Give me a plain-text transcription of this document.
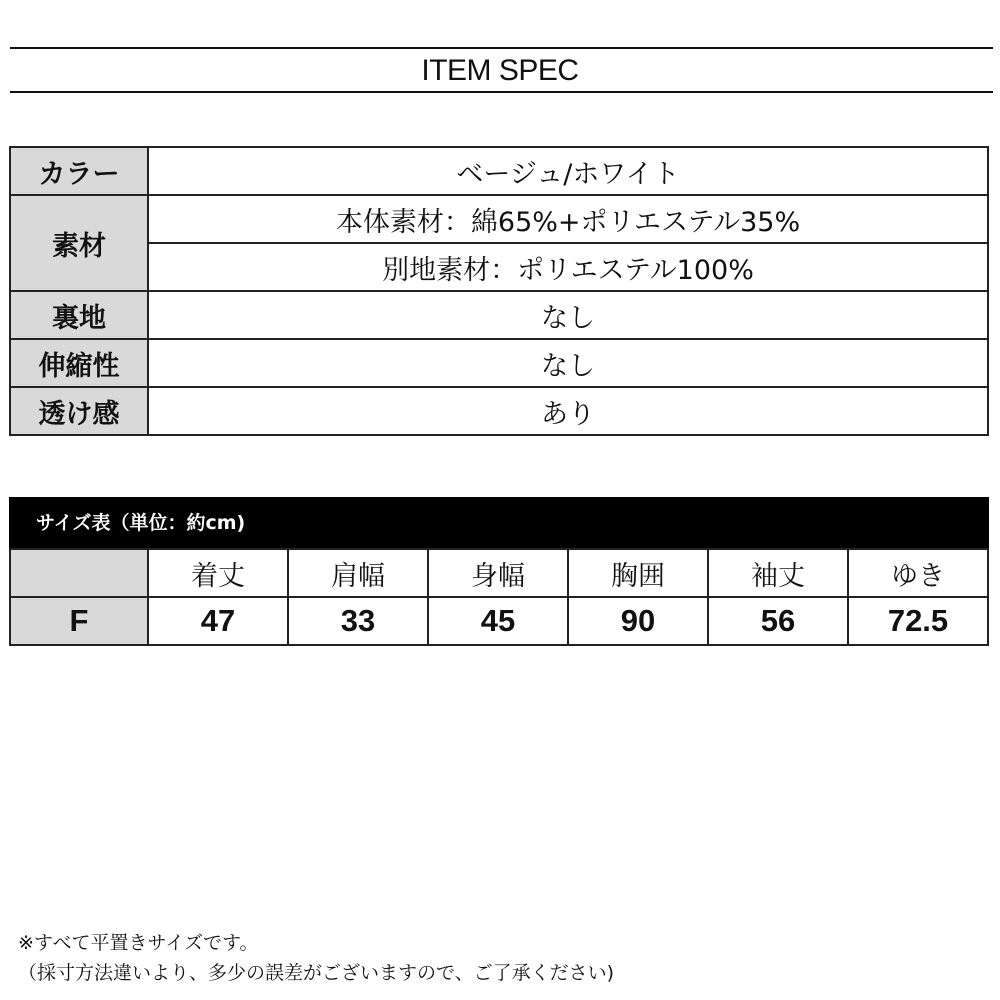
ITEM SPEC
カラー	ベージュ/ホワイト
素材	本体素材：綿65%+ポリエステル35%
	別地素材：ポリエステル100%
裏地	なし
伸縮性	なし
透け感	あり
サイズ表（単位：約cm)
	着丈	肩幅	身幅	胸囲	袖丈	ゆき
F	47	33	45	90	56	72.5
※すべて平置きサイズです。
（採寸方法違いより、多少の誤差がございますので、ご了承ください)
